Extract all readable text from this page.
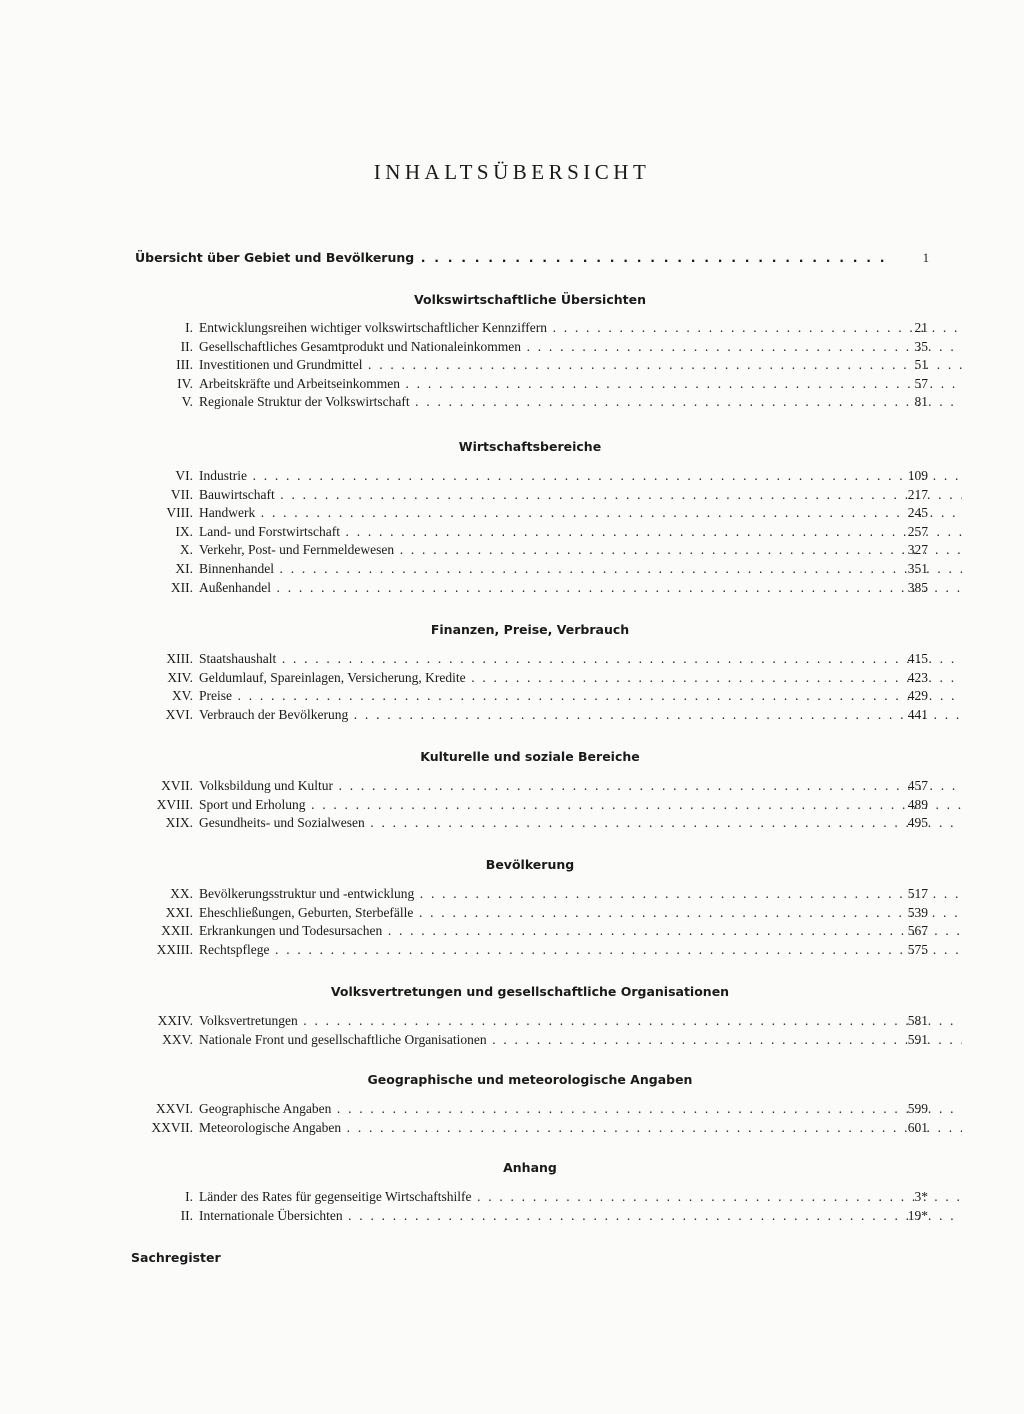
INHALTSÜBERSICHT
Übersicht über Gebiet und Bevölkerung . . .	1
Volkswirtschaftliche Übersichten
I. Entwicklungsreihen wichtiger volkswirtschaftlicher Kennziffern . . .	21
II. Gesellschaftliches Gesamtprodukt und Nationaleinkommen . . .	35
III. Investitionen und Grundmittel . . .	51
IV. Arbeitskräfte und Arbeitseinkommen . . .	57
V. Regionale Struktur der Volkswirtschaft . . .	81
Wirtschaftsbereiche
VI. Industrie . . .	109
VII. Bauwirtschaft . . .	217
VIII. Handwerk . . .	245
IX. Land- und Forstwirtschaft . . .	257
X. Verkehr, Post- und Fernmeldewesen . . .	327
XI. Binnenhandel . . .	351
XII. Außenhandel . . .	385
Finanzen, Preise, Verbrauch
XIII. Staatshaushalt . . .	415
XIV. Geldumlauf, Spareinlagen, Versicherung, Kredite . . .	423
XV. Preise . . .	429
XVI. Verbrauch der Bevölkerung . . .	441
Kulturelle und soziale Bereiche
XVII. Volksbildung und Kultur . . .	457
XVIII. Sport und Erholung . . .	489
XIX. Gesundheits- und Sozialwesen . . .	495
Bevölkerung
XX. Bevölkerungsstruktur und -entwicklung . . .	517
XXI. Eheschließungen, Geburten, Sterbefälle . . .	539
XXII. Erkrankungen und Todesursachen . . .	567
XXIII. Rechtspflege . . .	575
Volksvertretungen und gesellschaftliche Organisationen
XXIV. Volksvertretungen . . .	581
XXV. Nationale Front und gesellschaftliche Organisationen . . .	591
Geographische und meteorologische Angaben
XXVI. Geographische Angaben . . .	599
XXVII. Meteorologische Angaben . . .	601
Anhang
I. Länder des Rates für gegenseitige Wirtschaftshilfe . . .	3*
II. Internationale Übersichten . . .	19*
Sachregister
